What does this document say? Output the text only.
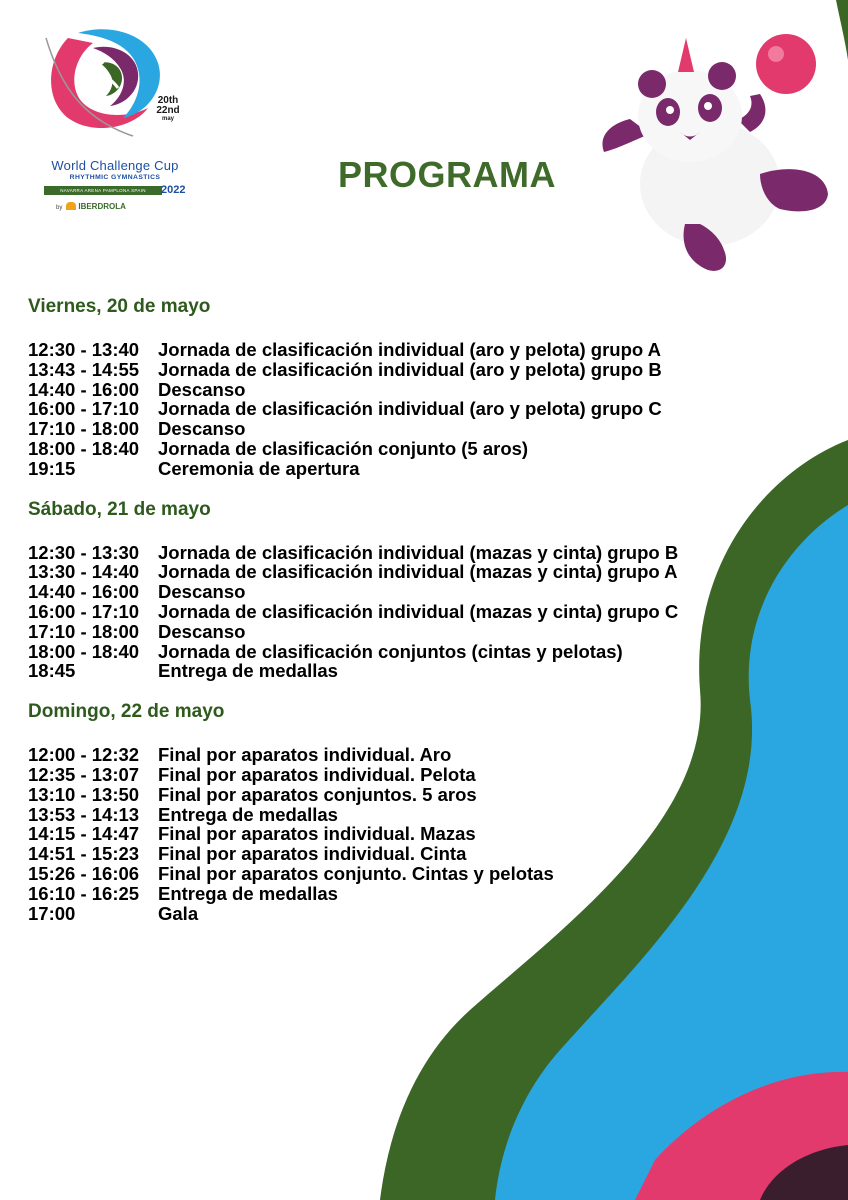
20th
22nd
may
World Challenge Cup
RHYTHMIC GYMNASTICS
NAVARRA ARENA PAMPLONA SPAIN	2022
by IBERDROLA
PROGRAMA
Viernes, 20 de mayo
12:30 - 13:40	Jornada de clasificación individual (aro y pelota) grupo A
13:43 - 14:55	Jornada de clasificación individual (aro y pelota) grupo B
14:40 - 16:00	Descanso
16:00 - 17:10	Jornada de clasificación individual (aro y pelota) grupo C
17:10 - 18:00	Descanso
18:00 - 18:40	Jornada de clasificación conjunto (5 aros)
19:15	Ceremonia de apertura
Sábado, 21 de mayo
12:30 - 13:30	Jornada de clasificación individual (mazas y cinta) grupo B
13:30 - 14:40	Jornada de clasificación individual (mazas y cinta) grupo A
14:40 - 16:00	Descanso
16:00 - 17:10	Jornada de clasificación individual (mazas y cinta) grupo C
17:10 - 18:00	Descanso
18:00 - 18:40	Jornada de clasificación conjuntos (cintas y pelotas)
18:45	Entrega de medallas
Domingo, 22 de mayo
12:00 - 12:32	Final por aparatos individual. Aro
12:35 - 13:07	Final por aparatos individual. Pelota
13:10 - 13:50	Final por aparatos conjuntos. 5 aros
13:53 - 14:13	Entrega de medallas
14:15 - 14:47	Final por aparatos individual. Mazas
14:51 - 15:23	Final por aparatos individual. Cinta
15:26 - 16:06	Final por aparatos conjunto. Cintas y pelotas
16:10 - 16:25	Entrega de medallas
17:00	Gala
